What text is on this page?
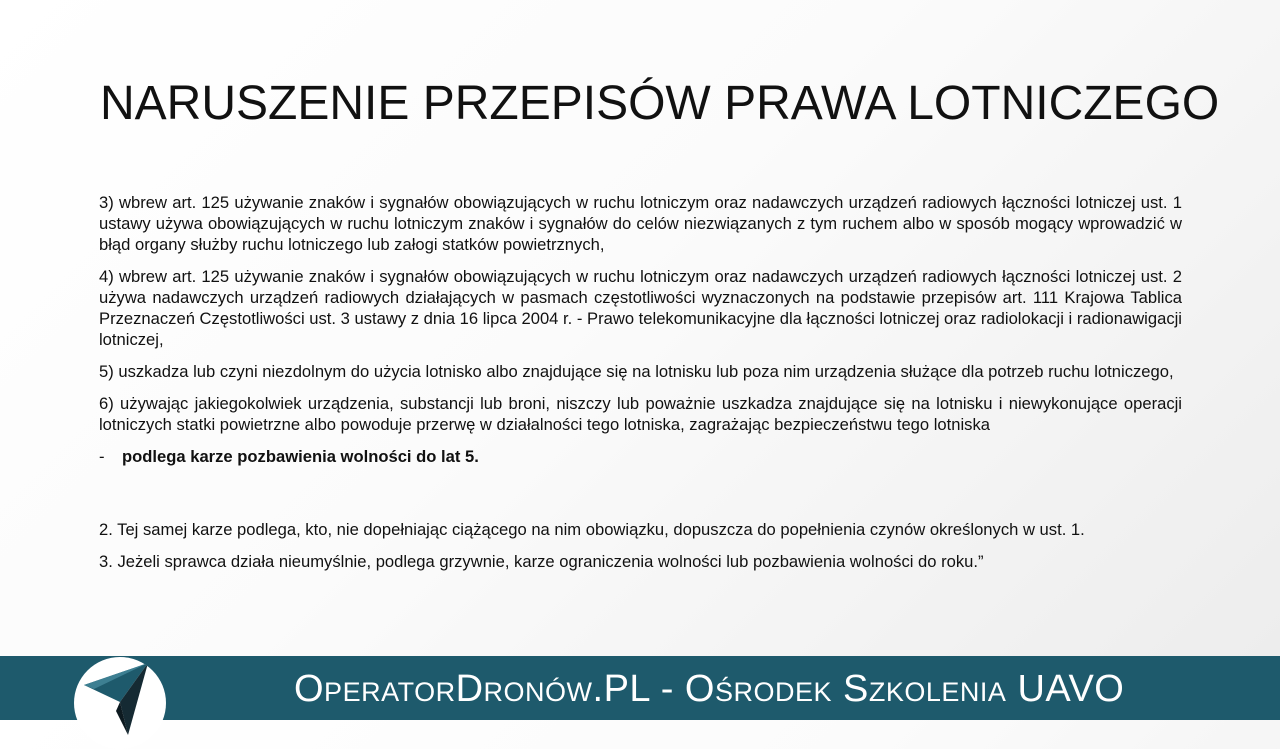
NARUSZENIE PRZEPISÓW PRAWA LOTNICZEGO

3) wbrew art. 125 używanie znaków i sygnałów obowiązujących w ruchu lotniczym oraz nadawczych urządzeń radiowych łączności lotniczej ust. 1 ustawy używa obowiązujących w ruchu lotniczym znaków i sygnałów do celów niezwiązanych z tym ruchem albo w sposób mogący wprowadzić w błąd organy służby ruchu lotniczego lub załogi statków powietrznych,

4) wbrew art. 125 używanie znaków i sygnałów obowiązujących w ruchu lotniczym oraz nadawczych urządzeń radiowych łączności lotniczej ust. 2 używa nadawczych urządzeń radiowych działających w pasmach częstotliwości wyznaczonych na podstawie przepisów art. 111 Krajowa Tablica Przeznaczeń Częstotliwości ust. 3 ustawy z dnia 16 lipca 2004 r. - Prawo telekomunikacyjne dla łączności lotniczej oraz radiolokacji i radionawigacji lotniczej,

5) uszkadza lub czyni niezdolnym do użycia lotnisko albo znajdujące się na lotnisku lub poza nim urządzenia służące dla potrzeb ruchu lotniczego,

6) używając jakiegokolwiek urządzenia, substancji lub broni, niszczy lub poważnie uszkadza znajdujące się na lotnisku i niewykonujące operacji lotniczych statki powietrzne albo powoduje przerwę w działalności tego lotniska, zagrażając bezpieczeństwu tego lotniska

-	podlega karze pozbawienia wolności do lat 5.

2. Tej samej karze podlega, kto, nie dopełniając ciążącego na nim obowiązku, dopuszcza do popełnienia czynów określonych w ust. 1.

3. Jeżeli sprawca działa nieumyślnie, podlega grzywnie, karze ograniczenia wolności lub pozbawienia wolności do roku.”

OperatorDronów.PL - Ośrodek Szkolenia UAVO
